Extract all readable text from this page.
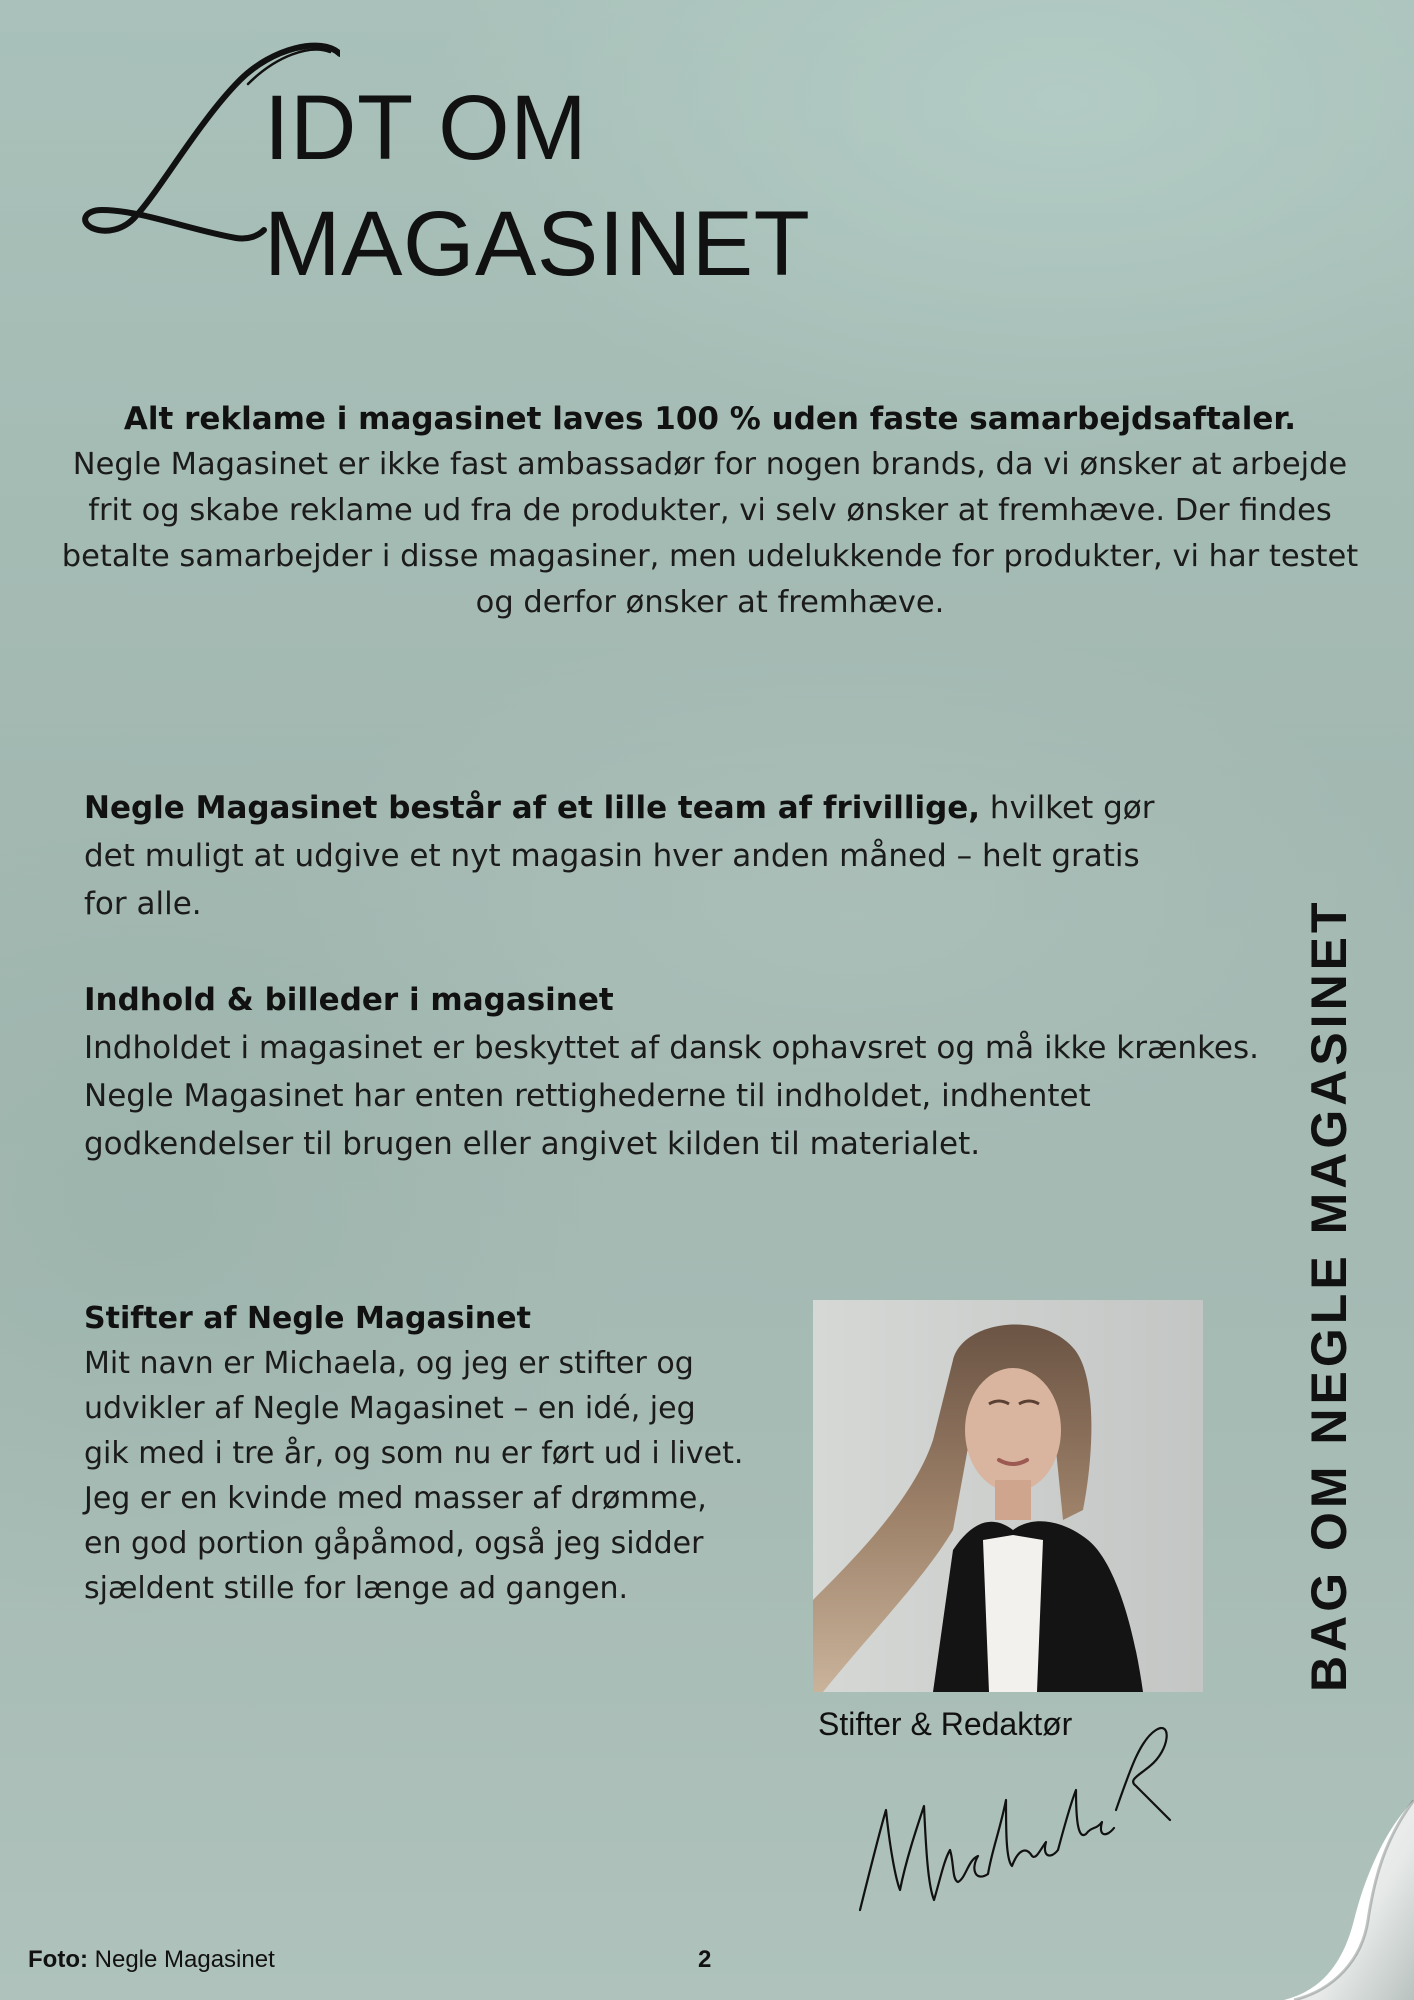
IDT OM
MAGASINET
Alt reklame i magasinet laves 100 % uden faste samarbejdsaftaler.
Negle Magasinet er ikke fast ambassadør for nogen brands, da vi ønsker at arbejde frit og skabe reklame ud fra de produkter, vi selv ønsker at fremhæve. Der findes betalte samarbejder i disse magasiner, men udelukkende for produkter, vi har testet og derfor ønsker at fremhæve.
Negle Magasinet består af et lille team af frivillige, hvilket gør det muligt at udgive et nyt magasin hver anden måned – helt gratis for alle.
Indhold & billeder i magasinet
Indholdet i magasinet er beskyttet af dansk ophavsret og må ikke krænkes. Negle Magasinet har enten rettighederne til indholdet, indhentet godkendelser til brugen eller angivet kilden til materialet.
Stifter af Negle Magasinet
Mit navn er Michaela, og jeg er stifter og udvikler af Negle Magasinet – en idé, jeg gik med i tre år, og som nu er ført ud i livet. Jeg er en kvinde med masser af drømme, en god portion gåpåmod, også jeg sidder sjældent stille for længe ad gangen.
Stifter & Redaktør
BAG OM NEGLE MAGASINET
Foto: Negle Magasinet	2
